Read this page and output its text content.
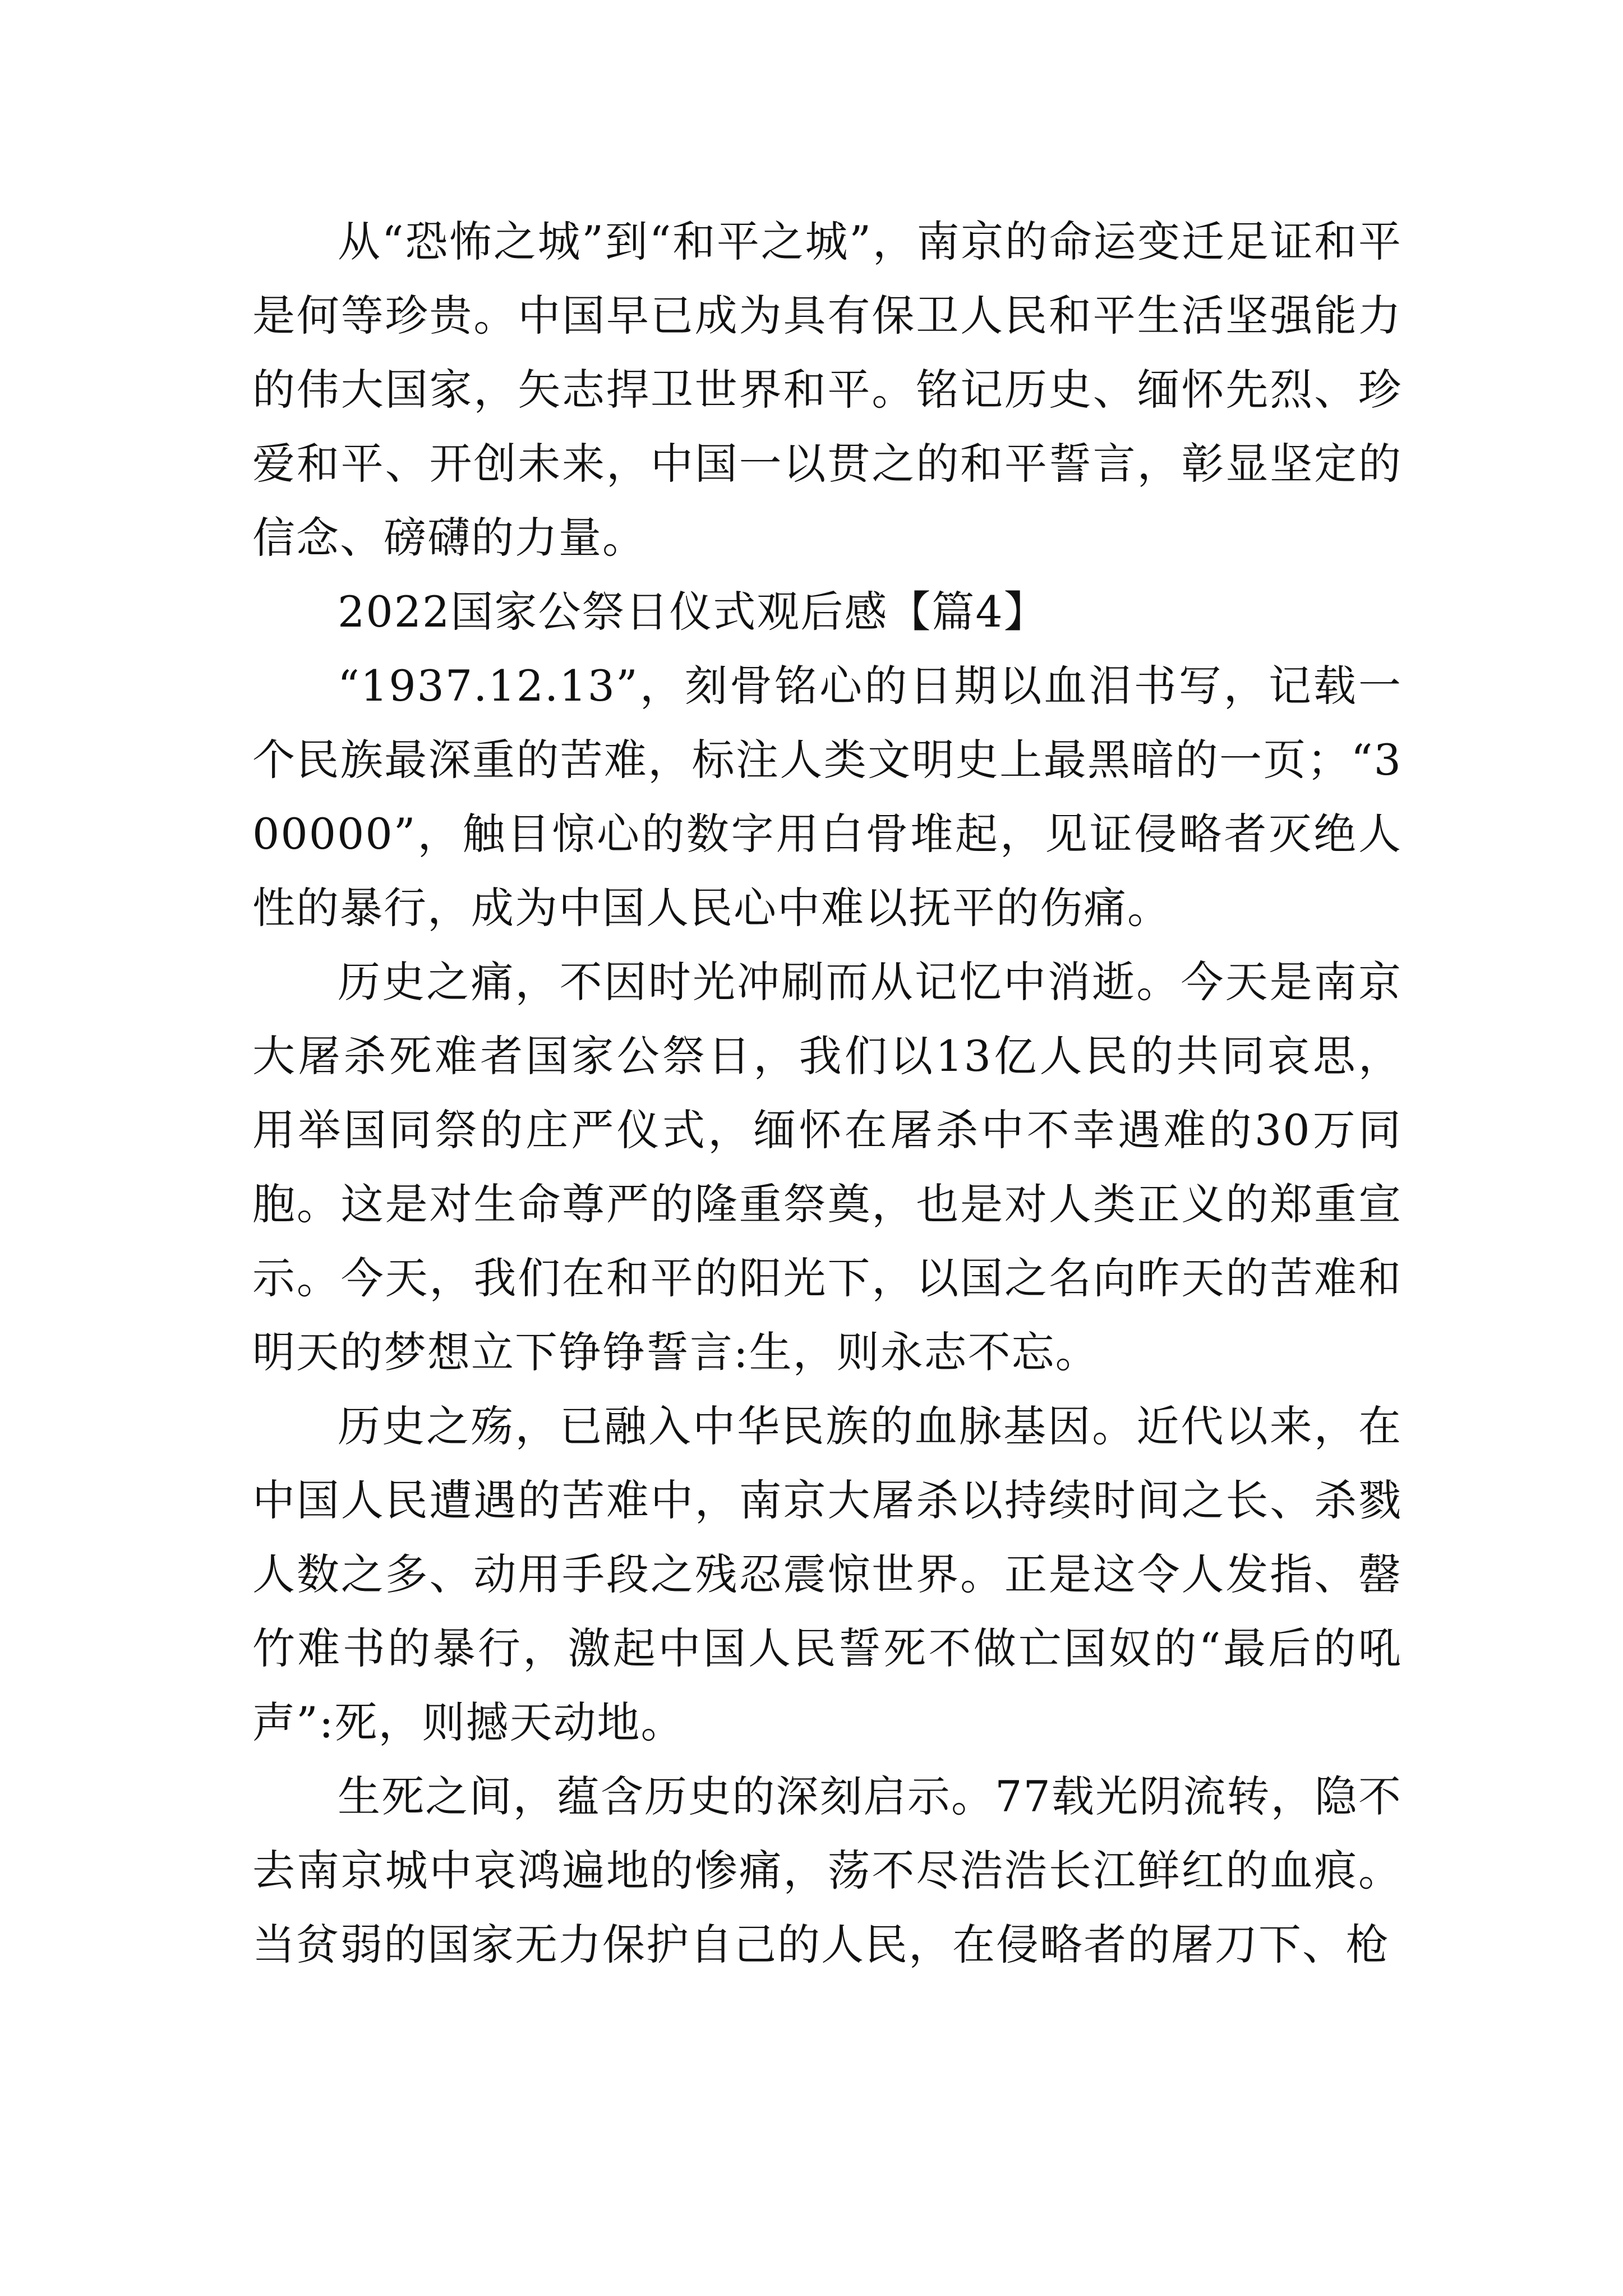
从“恐怖之城”到“和平之城”，南京的命运变迁足证和平是何等珍贵。中国早已成为具有保卫人民和平生活坚强能力的伟大国家，矢志捍卫世界和平。铭记历史、缅怀先烈、珍爱和平、开创未来，中国一以贯之的和平誓言，彰显坚定的信念、磅礴的力量。

2022国家公祭日仪式观后感【篇4】

“1937.12.13”，刻骨铭心的日期以血泪书写，记载一个民族最深重的苦难，标注人类文明史上最黑暗的一页；“300000”，触目惊心的数字用白骨堆起，见证侵略者灭绝人性的暴行，成为中国人民心中难以抚平的伤痛。

历史之痛，不因时光冲刷而从记忆中消逝。今天是南京大屠杀死难者国家公祭日，我们以13亿人民的共同哀思，用举国同祭的庄严仪式，缅怀在屠杀中不幸遇难的30万同胞。这是对生命尊严的隆重祭奠，也是对人类正义的郑重宣示。今天，我们在和平的阳光下，以国之名向昨天的苦难和明天的梦想立下铮铮誓言:生，则永志不忘。

历史之殇，已融入中华民族的血脉基因。近代以来，在中国人民遭遇的苦难中，南京大屠杀以持续时间之长、杀戮人数之多、动用手段之残忍震惊世界。正是这令人发指、罄竹难书的暴行，激起中国人民誓死不做亡国奴的“最后的吼声”:死，则撼天动地。

生死之间，蕴含历史的深刻启示。77载光阴流转，隐不去南京城中哀鸿遍地的惨痛，荡不尽浩浩长江鲜红的血痕。当贫弱的国家无力保护自己的人民，在侵略者的屠刀下、枪
